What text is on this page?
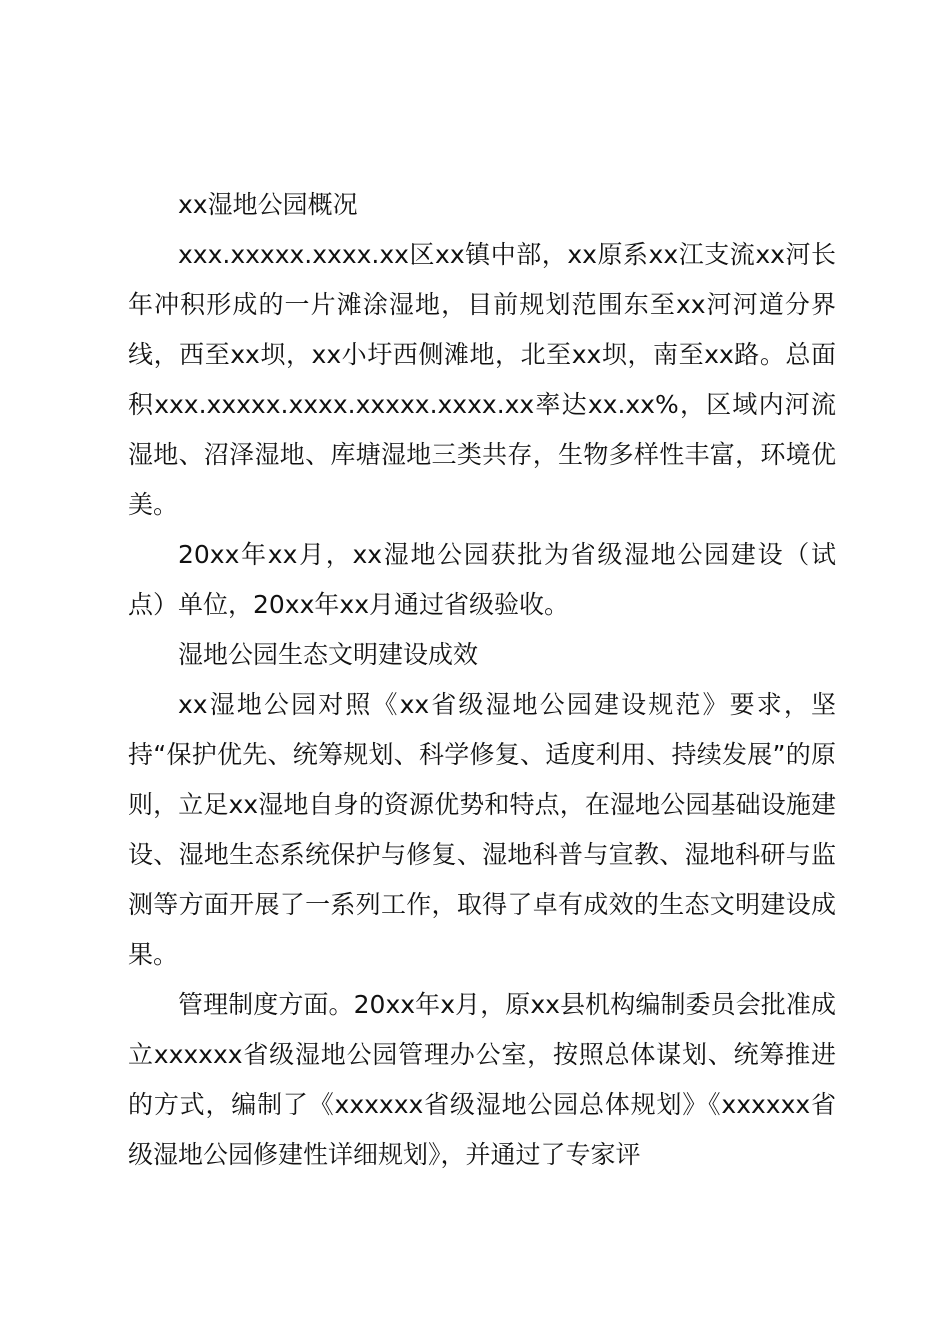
xx湿地公园概况

xxx.xxxxx.xxxx.xx区xx镇中部，xx原系xx江支流xx河长年冲积形成的一片滩涂湿地，目前规划范围东至xx河河道分界线，西至xx坝，xx小圩西侧滩地，北至xx坝，南至xx路。总面积xxx.xxxxx.xxxx.xxxxx.xxxx.xx率达xx.xx%，区域内河流湿地、沼泽湿地、库塘湿地三类共存，生物多样性丰富，环境优美。

20xx年xx月，xx湿地公园获批为省级湿地公园建设（试点）单位，20xx年xx月通过省级验收。

湿地公园生态文明建设成效

xx湿地公园对照《xx省级湿地公园建设规范》要求，坚持“保护优先、统筹规划、科学修复、适度利用、持续发展”的原则，立足xx湿地自身的资源优势和特点，在湿地公园基础设施建设、湿地生态系统保护与修复、湿地科普与宣教、湿地科研与监测等方面开展了一系列工作，取得了卓有成效的生态文明建设成果。

管理制度方面。20xx年x月，原xx县机构编制委员会批准成立xxxxxx省级湿地公园管理办公室，按照总体谋划、统筹推进的方式，编制了《xxxxxx省级湿地公园总体规划》《xxxxxx省级湿地公园修建性详细规划》，并通过了专家评
